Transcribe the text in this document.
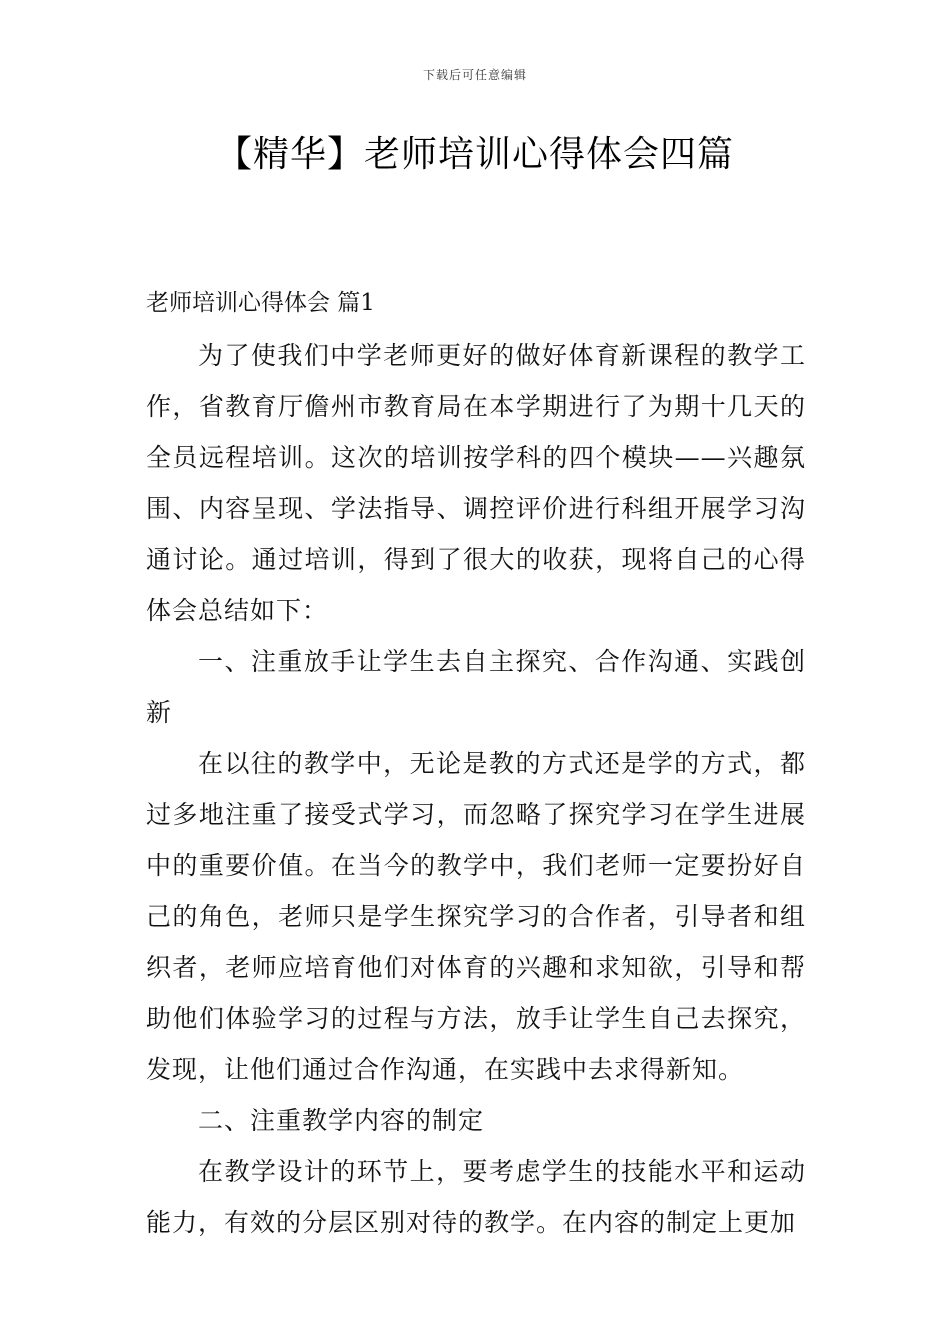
下载后可任意编辑
【精华】老师培训心得体会四篇
老师培训心得体会 篇1

为了使我们中学老师更好的做好体育新课程的教学工作，省教育厅儋州市教育局在本学期进行了为期十几天的全员远程培训。这次的培训按学科的四个模块——兴趣氛围、内容呈现、学法指导、调控评价进行科组开展学习沟通讨论。通过培训，得到了很大的收获，现将自己的心得体会总结如下：

一、注重放手让学生去自主探究、合作沟通、实践创新

在以往的教学中，无论是教的方式还是学的方式，都过多地注重了接受式学习，而忽略了探究学习在学生进展中的重要价值。在当今的教学中，我们老师一定要扮好自己的角色，老师只是学生探究学习的合作者，引导者和组织者，老师应培育他们对体育的兴趣和求知欲，引导和帮助他们体验学习的过程与方法，放手让学生自己去探究，发现，让他们通过合作沟通，在实践中去求得新知。

二、注重教学内容的制定

在教学设计的环节上，要考虑学生的技能水平和运动能力，有效的分层区别对待的教学。在内容的制定上更加
